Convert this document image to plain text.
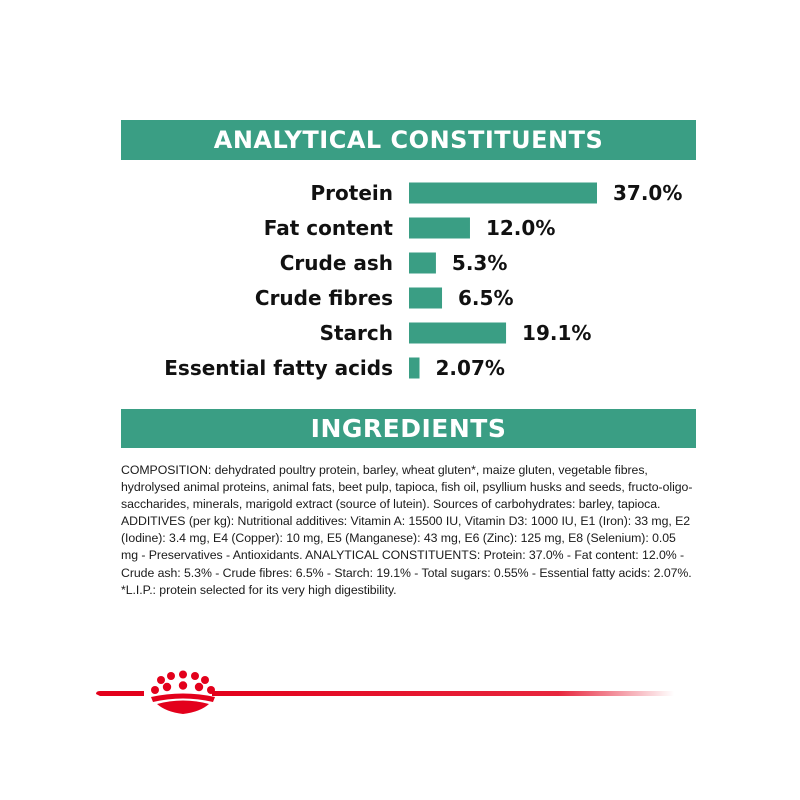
ANALYTICAL CONSTITUENTS
Protein	37.0%
Fat content	12.0%
Crude ash	5.3%
Crude fibres	6.5%
Starch	19.1%
Essential fatty acids 2.07%
INGREDIENTS

COMPOSITION: dehydrated poultry protein, barley, wheat gluten*, maize gluten, vegetable fibres, hydrolysed animal proteins, animal fats, beet pulp, tapioca, fish oil, psyllium husks and seeds, fructo-oligo-saccharides, minerals, marigold extract (source of lutein). Sources of carbohydrates: barley, tapioca. ADDITIVES (per kg): Nutritional additives: Vitamin A: 15500 IU, Vitamin D3: 1000 IU, E1 (Iron): 33 mg, E2 (Iodine): 3.4 mg, E4 (Copper): 10 mg, E5 (Manganese): 43 mg, E6 (Zinc): 125 mg, E8 (Selenium): 0.05 mg - Preservatives - Antioxidants. ANALYTICAL CONSTITUENTS: Protein: 37.0% - Fat content: 12.0% - Crude ash: 5.3% - Crude fibres: 6.5% - Starch: 19.1% - Total sugars: 0.55% - Essential fatty acids: 2.07%. *L.I.P.: protein selected for its very high digestibility.
